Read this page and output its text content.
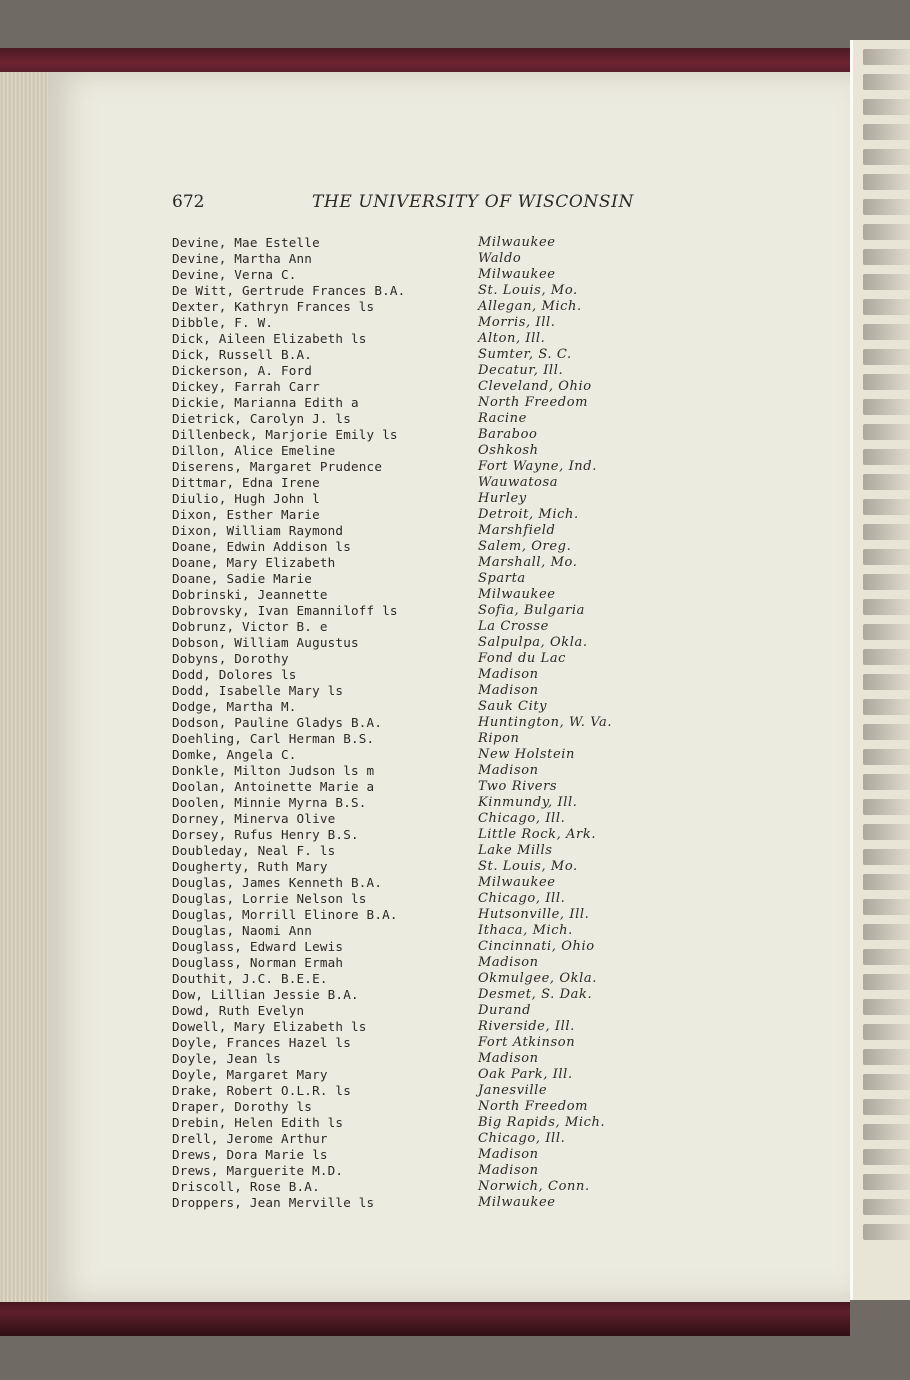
672	THE UNIVERSITY OF WISCONSIN
Devine, Mae Estelle	Milwaukee
Devine, Martha Ann	Waldo
Devine, Verna C.	Milwaukee
De Witt, Gertrude Frances B.A.	St. Louis, Mo.
Dexter, Kathryn Frances ls	Allegan, Mich.
Dibble, F. W.	Morris, Ill.
Dick, Aileen Elizabeth ls	Alton, Ill.
Dick, Russell B.A.	Sumter, S. C.
Dickerson, A. Ford	Decatur, Ill.
Dickey, Farrah Carr	Cleveland, Ohio
Dickie, Marianna Edith a	North Freedom
Dietrick, Carolyn J. ls	Racine
Dillenbeck, Marjorie Emily ls	Baraboo
Dillon, Alice Emeline	Oshkosh
Diserens, Margaret Prudence	Fort Wayne, Ind.
Dittmar, Edna Irene	Wauwatosa
Diulio, Hugh John l	Hurley
Dixon, Esther Marie	Detroit, Mich.
Dixon, William Raymond	Marshfield
Doane, Edwin Addison ls	Salem, Oreg.
Doane, Mary Elizabeth	Marshall, Mo.
Doane, Sadie Marie	Sparta
Dobrinski, Jeannette	Milwaukee
Dobrovsky, Ivan Emanniloff ls	Sofia, Bulgaria
Dobrunz, Victor B. e	La Crosse
Dobson, William Augustus	Salpulpa, Okla.
Dobyns, Dorothy	Fond du Lac
Dodd, Dolores ls	Madison
Dodd, Isabelle Mary ls	Madison
Dodge, Martha M.	Sauk City
Dodson, Pauline Gladys B.A.	Huntington, W. Va.
Doehling, Carl Herman B.S.	Ripon
Domke, Angela C.	New Holstein
Donkle, Milton Judson ls m	Madison
Doolan, Antoinette Marie a	Two Rivers
Doolen, Minnie Myrna B.S.	Kinmundy, Ill.
Dorney, Minerva Olive	Chicago, Ill.
Dorsey, Rufus Henry B.S.	Little Rock, Ark.
Doubleday, Neal F. ls	Lake Mills
Dougherty, Ruth Mary	St. Louis, Mo.
Douglas, James Kenneth B.A.	Milwaukee
Douglas, Lorrie Nelson ls	Chicago, Ill.
Douglas, Morrill Elinore B.A.	Hutsonville, Ill.
Douglas, Naomi Ann	Ithaca, Mich.
Douglass, Edward Lewis	Cincinnati, Ohio
Douglass, Norman Ermah	Madison
Douthit, J.C. B.E.E.	Okmulgee, Okla.
Dow, Lillian Jessie B.A.	Desmet, S. Dak.
Dowd, Ruth Evelyn	Durand
Dowell, Mary Elizabeth ls	Riverside, Ill.
Doyle, Frances Hazel ls	Fort Atkinson
Doyle, Jean ls	Madison
Doyle, Margaret Mary	Oak Park, Ill.
Drake, Robert O.L.R. ls	Janesville
Draper, Dorothy ls	North Freedom
Drebin, Helen Edith ls	Big Rapids, Mich.
Drell, Jerome Arthur	Chicago, Ill.
Drews, Dora Marie ls	Madison
Drews, Marguerite M.D.	Madison
Driscoll, Rose B.A.	Norwich, Conn.
Droppers, Jean Merville ls	Milwaukee
